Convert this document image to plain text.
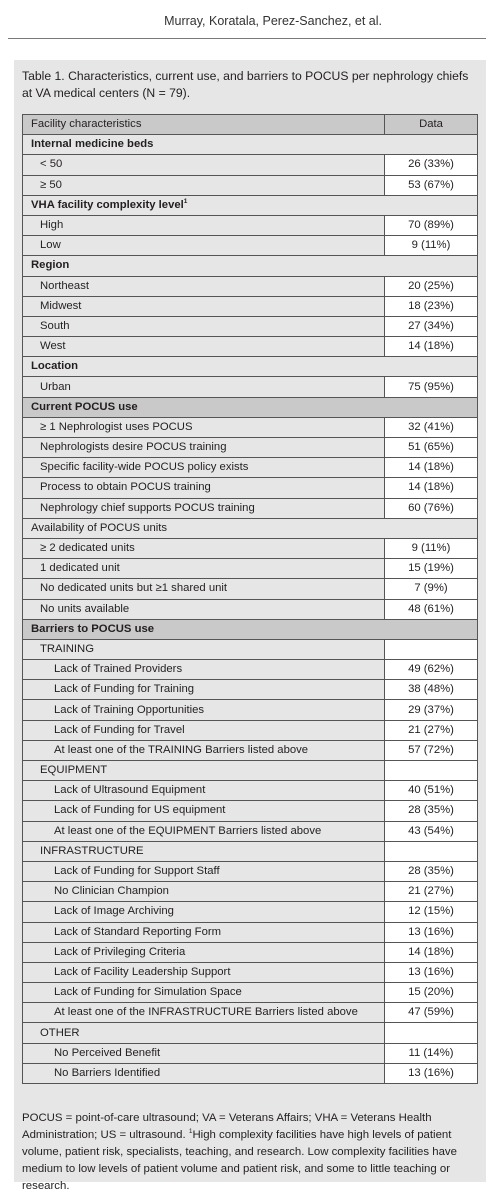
Murray, Koratala, Perez-Sanchez, et al.
Table 1. Characteristics, current use, and barriers to POCUS per nephrology chiefs at VA medical centers (N = 79).
Facility characteristics	Data
Internal medicine beds	
< 50	26 (33%)
≥ 50	53 (67%)
VHA facility complexity level$^1$
High	70 (89%)
Low	9 (11%)
Region	
Northeast	20 (25%)
Midwest	18 (23%)
South	27 (34%)
West	14 (18%)
Location	
Urban	75 (95%)
Current POCUS use	
≥ 1 Nephrologist uses POCUS	32 (41%)
Nephrologists desire POCUS training	51 (65%)
Specific facility-wide POCUS policy exists	14 (18%)
Process to obtain POCUS training	14 (18%)
Nephrology chief supports POCUS training	60 (76%)
Availability of POCUS units	
≥ 2 dedicated units	9 (11%)
1 dedicated unit	15 (19%)
No dedicated units but ≥1 shared unit	7 (9%)
No units available	48 (61%)
Barriers to POCUS use	
TRAINING	
Lack of Trained Providers	49 (62%)
Lack of Funding for Training	38 (48%)
Lack of Training Opportunities	29 (37%)
Lack of Funding for Travel	21 (27%)
At least one of the TRAINING Barriers listed above	57 (72%)
EQUIPMENT	
Lack of Ultrasound Equipment	40 (51%)
Lack of Funding for US equipment	28 (35%)
At least one of the EQUIPMENT Barriers listed above	43 (54%)
INFRASTRUCTURE	
Lack of Funding for Support Staff	28 (35%)
No Clinician Champion	21 (27%)
Lack of Image Archiving	12 (15%)
Lack of Standard Reporting Form	13 (16%)
Lack of Privileging Criteria	14 (18%)
Lack of Facility Leadership Support	13 (16%)
Lack of Funding for Simulation Space	15 (20%)
At least one of the INFRASTRUCTURE Barriers listed above	47 (59%)
OTHER	
No Perceived Benefit	11 (14%)
No Barriers Identified	13 (16%)
POCUS = point-of-care ultrasound; VA = Veterans Affairs; VHA = Veterans Health Administration; US = ultrasound. $^1$High complexity facilities have high levels of patient volume, patient risk, specialists, teaching, and research. Low complexity facilities have medium to low levels of patient volume and patient risk, and some to little teaching or research.
